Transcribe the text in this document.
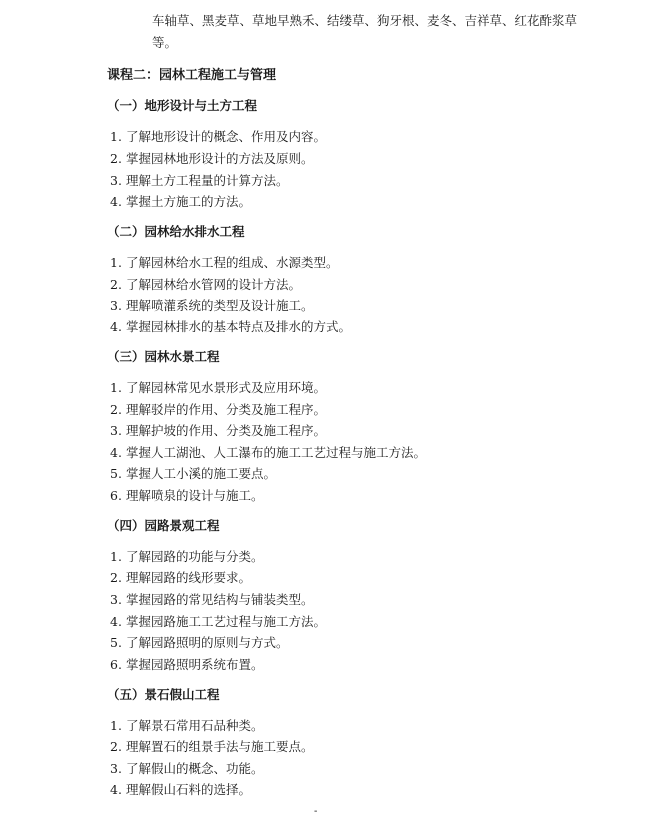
车轴草、黑麦草、草地早熟禾、结缕草、狗牙根、麦冬、吉祥草、红花酢浆草等。
课程二：园林工程施工与管理
（一）地形设计与土方工程
1. 了解地形设计的概念、作用及内容。
2. 掌握园林地形设计的方法及原则。
3. 理解土方工程量的计算方法。
4. 掌握土方施工的方法。
（二）园林给水排水工程
1. 了解园林给水工程的组成、水源类型。
2. 了解园林给水管网的设计方法。
3. 理解喷灌系统的类型及设计施工。
4. 掌握园林排水的基本特点及排水的方式。
（三）园林水景工程
1. 了解园林常见水景形式及应用环境。
2. 理解驳岸的作用、分类及施工程序。
3. 理解护坡的作用、分类及施工程序。
4. 掌握人工湖池、人工瀑布的施工工艺过程与施工方法。
5. 掌握人工小溪的施工要点。
6. 理解喷泉的设计与施工。
（四）园路景观工程
1. 了解园路的功能与分类。
2. 理解园路的线形要求。
3. 掌握园路的常见结构与铺装类型。
4. 掌握园路施工工艺过程与施工方法。
5. 了解园路照明的原则与方式。
6. 掌握园路照明系统布置。
（五）景石假山工程
1. 了解景石常用石品种类。
2. 理解置石的组景手法与施工要点。
3. 了解假山的概念、功能。
4. 理解假山石料的选择。
-
